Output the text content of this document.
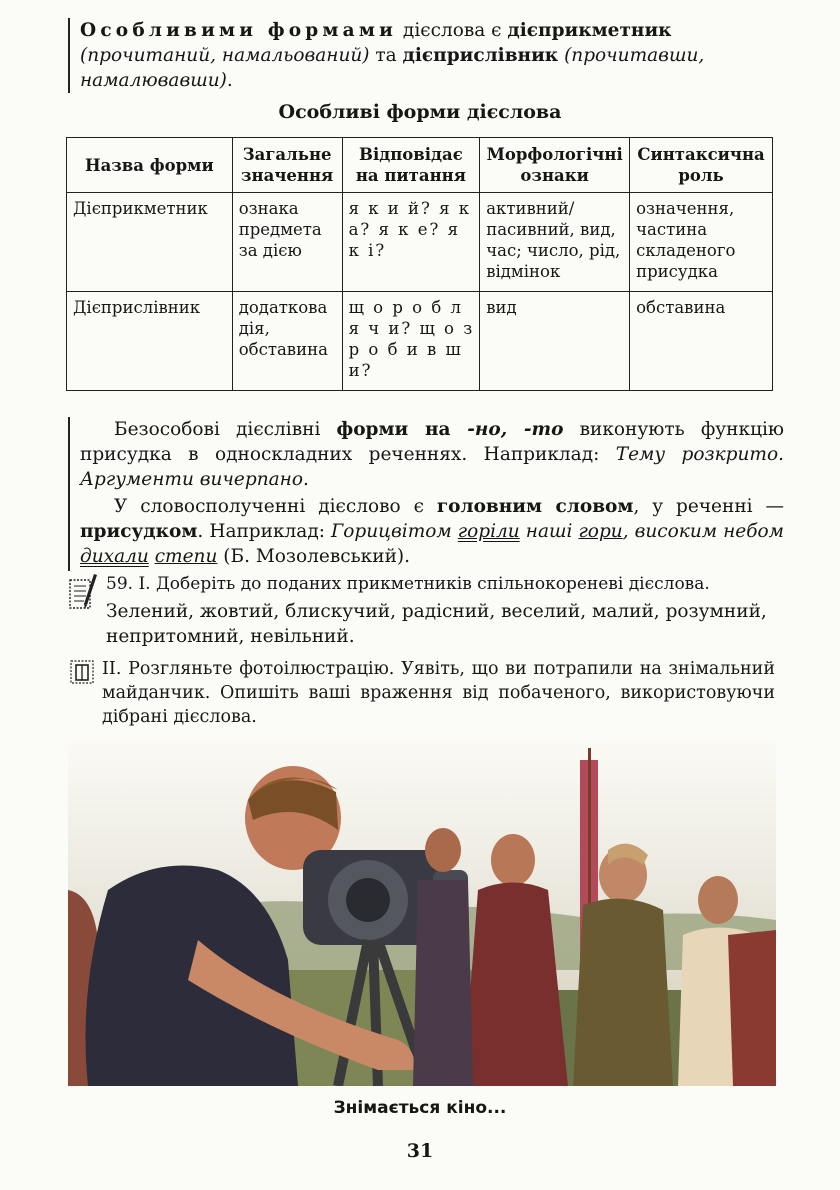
Особливими формами дієслова є дієприкметник (прочитаний, намальований) та дієприслівник (прочитавши, намалювавши).
Особливі форми дієслова
Назва форми	Загальне значення	Відповідає на питання	Морфологічні ознаки	Синтаксична роль
Дієприкметник	ознака предмета за дією	я к и й? я к а? я к е? я к і?	активний/пасивний, вид, час; число, рід, відмінок	означення, частина складеного присудка
Дієприслівник	додаткова дія, обставина	щ о р о б л я ч и? щ о з р о б и в ш и?	вид	обставина

Безособові дієслівні форми на -но, -то виконують функцію присудка в односкладних реченнях. Наприклад: Тему розкрито. Аргументи вичерпано.

У словосполученні дієслово є головним словом, у реченні — присудком. Наприклад: Горицвітом горіли наші гори, високим небом дихали степи (Б. Мозолевський).

59. І. Доберіть до поданих прикметників спільнокореневі дієслова.
Зелений, жовтий, блискучий, радісний, веселий, малий, розумний, непритомний, невільний.
ІІ. Розгляньте фотоілюстрацію. Уявіть, що ви потрапили на знімальний майданчик. Опишіть ваші враження від побаченого, використовуючи дібрані дієслова.
Знімається кіно...
31
